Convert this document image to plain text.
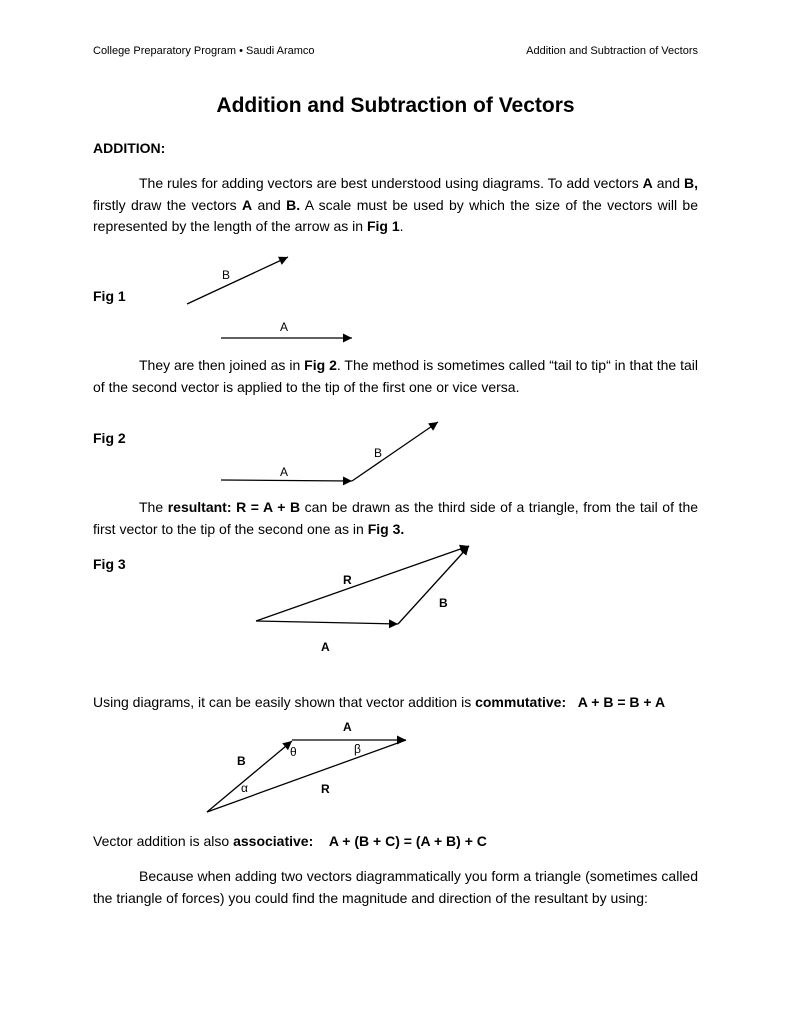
College Preparatory Program • Saudi Aramco	Addition and Subtraction of Vectors
Addition and Subtraction of Vectors
ADDITION:
The rules for adding vectors are best understood using diagrams. To add vectors A and B, firstly draw the vectors A and B. A scale must be used by which the size of the vectors will be represented by the length of the arrow as in Fig 1.
Fig 1
They are then joined as in Fig 2. The method is sometimes called “tail to tip“ in that the tail of the second vector is applied to the tip of the first one or vice versa.
Fig 2
The resultant: R = A + B can be drawn as the third side of a triangle, from the tail of the first vector to the tip of the second one as in Fig 3.
Fig 3
Using diagrams, it can be easily shown that vector addition is commutative: A + B = B + A
Vector addition is also associative: A + (B + C) = (A + B) + C
Because when adding two vectors diagrammatically you form a triangle (sometimes called the triangle of forces) you could find the magnitude and direction of the resultant by using:
B
A
A
B
R
B
A
A
B
R
θ	β
α
